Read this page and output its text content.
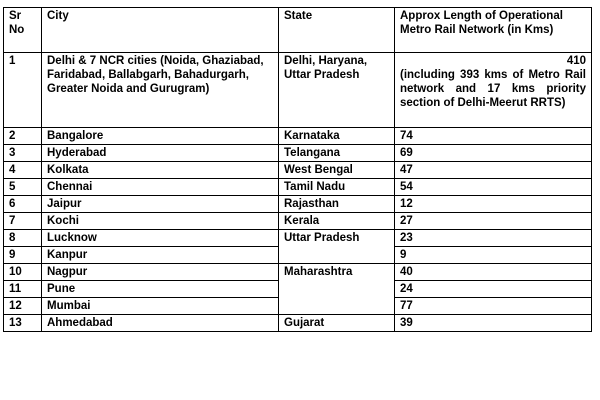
Sr No	City	State	Approx Length of Operational Metro Rail Network (in Kms)
1	Delhi & 7 NCR cities (Noida, Ghaziabad, Faridabad, Ballabgarh, Bahadurgarh, Greater Noida and Gurugram)	Delhi, Haryana, Uttar Pradesh	410
(including 393 kms of Metro Rail network and 17 kms priority section of Delhi-Meerut RRTS)

2	Bangalore	Karnataka	74
3	Hyderabad	Telangana	69
4	Kolkata	West Bengal	47
5	Chennai	Tamil Nadu	54
6	Jaipur	Rajasthan	12
7	Kochi	Kerala	27
8	Lucknow	Uttar Pradesh	23
9	Kanpur		9
10	Nagpur	Maharashtra	40
11	Pune		24
12	Mumbai		77
13	Ahmedabad	Gujarat	39
